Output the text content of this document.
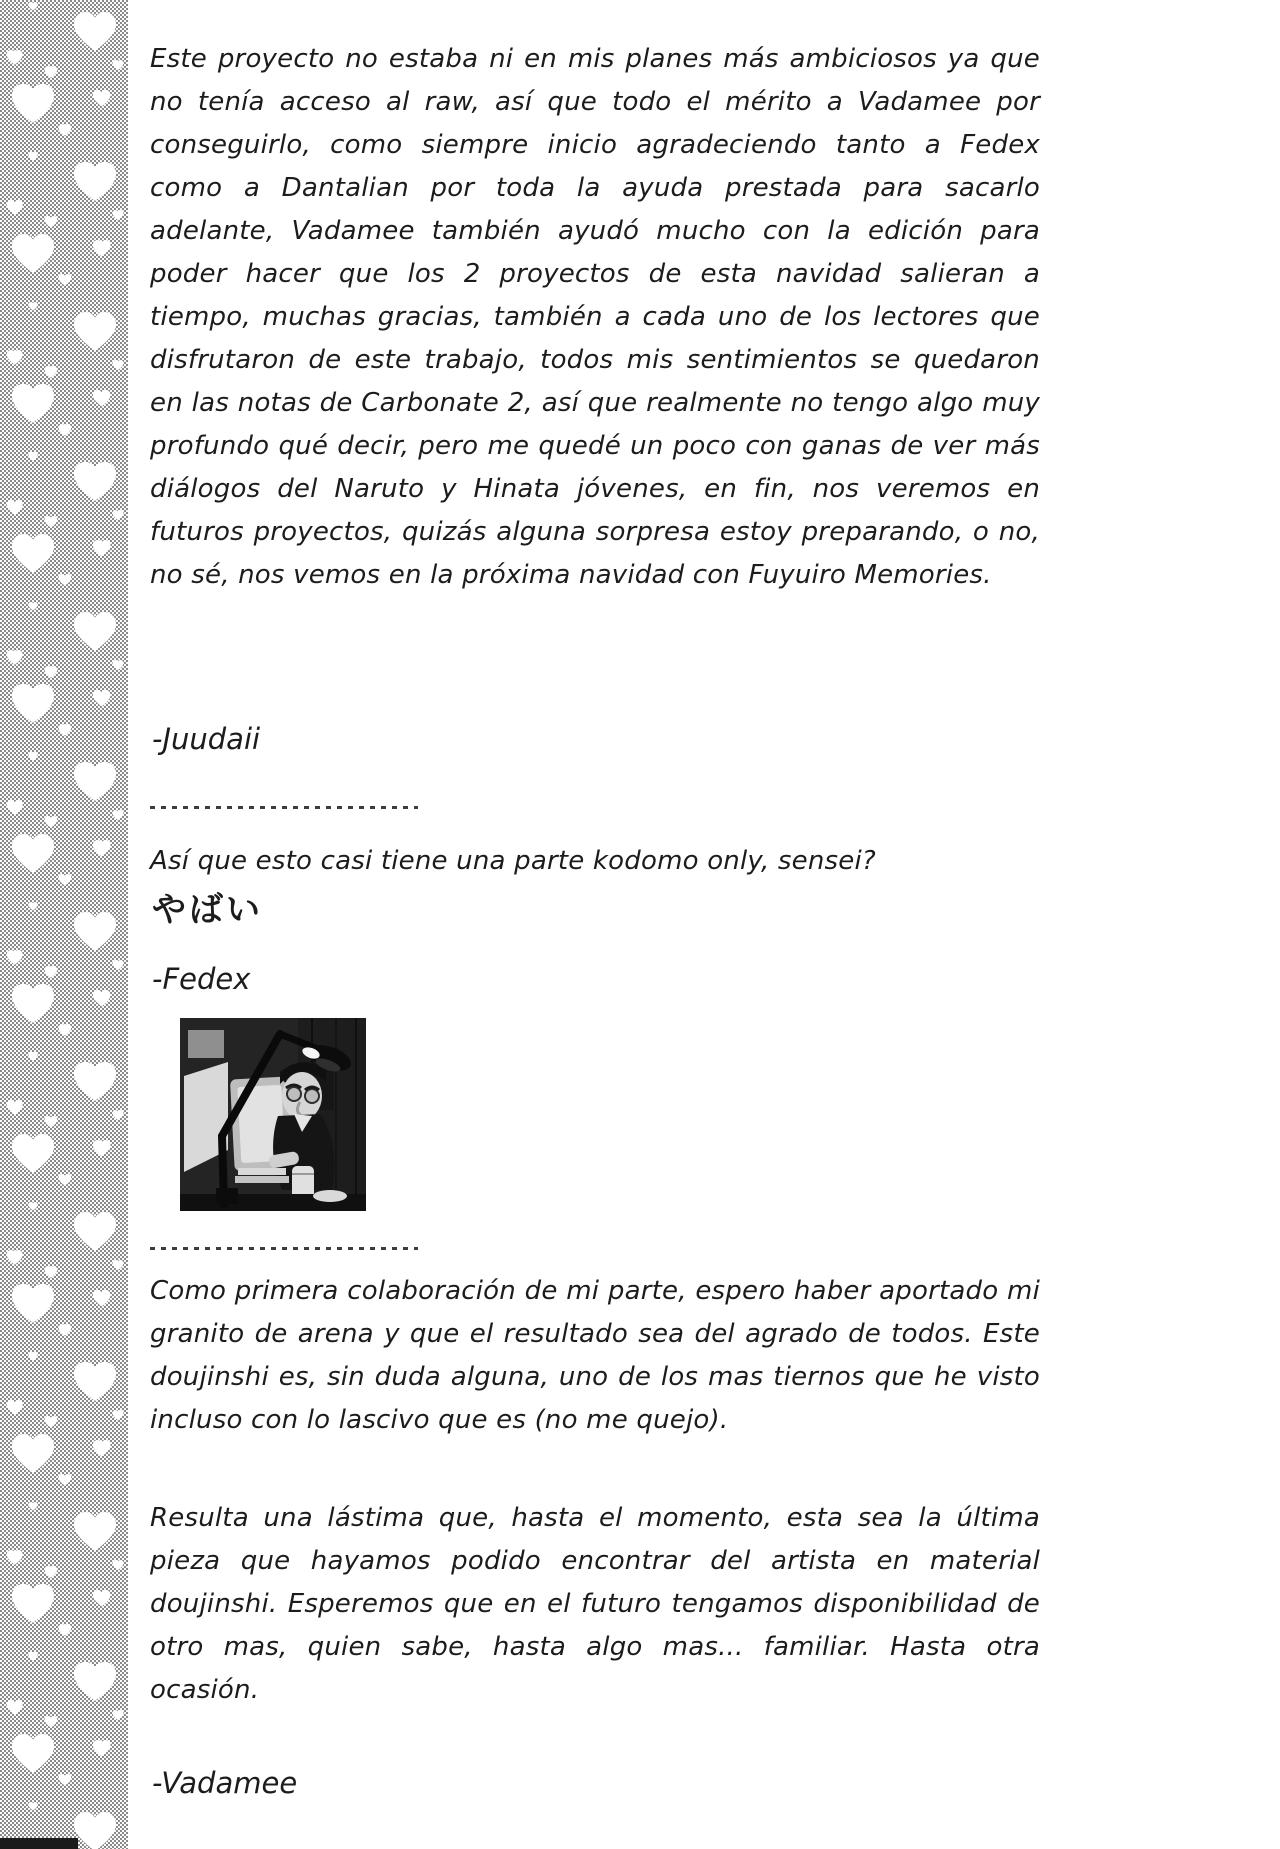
Este proyecto no estaba ni en mis planes más ambiciosos ya que no tenía acceso al raw, así que todo el mérito a Vadamee por conseguirlo, como siempre inicio agradeciendo tanto a Fedex como a Dantalian por toda la ayuda prestada para sacarlo adelante, Vadamee también ayudó mucho con la edición para poder hacer que los 2 proyectos de esta navidad salieran a tiempo, muchas gracias, también a cada uno de los lectores que disfrutaron de este trabajo, todos mis sentimientos se quedaron en las notas de Carbonate 2, así que realmente no tengo algo muy profundo qué decir, pero me quedé un poco con ganas de ver más diálogos del Naruto y Hinata jóvenes, en fin, nos veremos en futuros proyectos, quizás alguna sorpresa estoy preparando, o no, no sé, nos vemos en la próxima navidad con Fuyuiro Memories.

-Juudaii

Así que esto casi tiene una parte kodomo only, sensei?

やばい

-Fedex

Como primera colaboración de mi parte, espero haber aportado mi granito de arena y que el resultado sea del agrado de todos. Este doujinshi es, sin duda alguna, uno de los mas tiernos que he visto incluso con lo lascivo que es (no me quejo).

Resulta una lástima que, hasta el momento, esta sea la última pieza que hayamos podido encontrar del artista en material doujinshi. Esperemos que en el futuro tengamos disponibilidad de otro mas, quien sabe, hasta algo mas... familiar. Hasta otra ocasión.

-Vadamee
